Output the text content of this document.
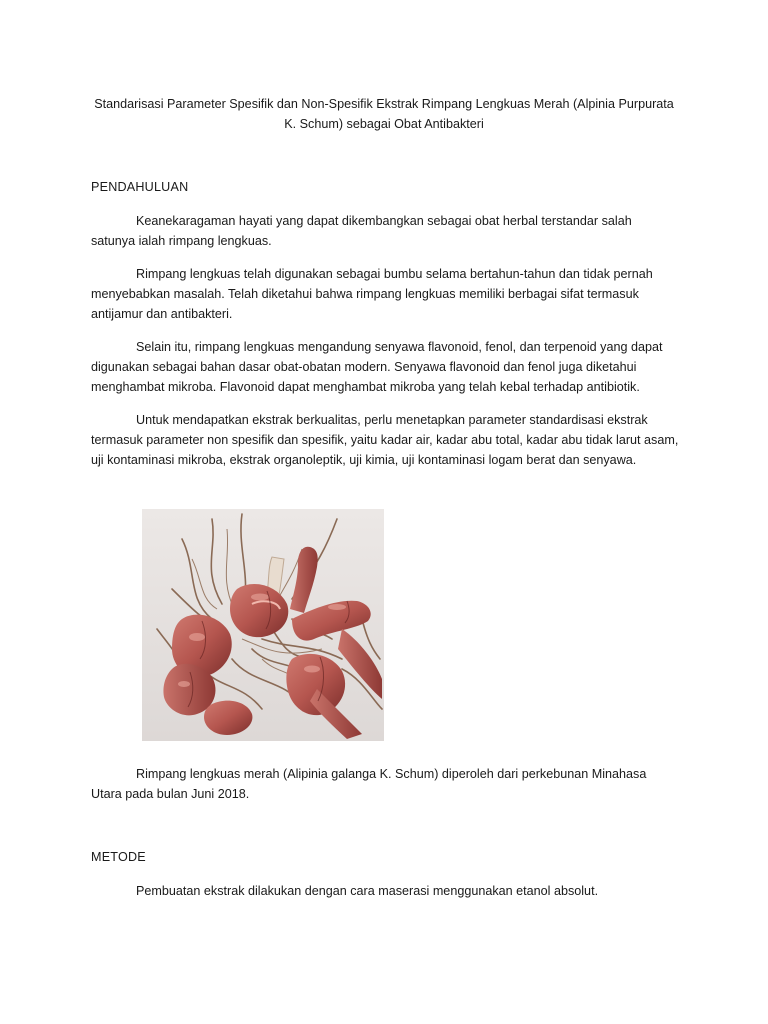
Standarisasi Parameter Spesifik dan Non-Spesifik Ekstrak Rimpang Lengkuas Merah (Alpinia Purpurata K. Schum) sebagai Obat Antibakteri
PENDAHULUAN

Keanekaragaman hayati yang dapat dikembangkan sebagai obat herbal terstandar salah satunya ialah rimpang lengkuas.

Rimpang lengkuas telah digunakan sebagai bumbu selama bertahun-tahun dan tidak pernah menyebabkan masalah. Telah diketahui bahwa rimpang lengkuas memiliki berbagai sifat termasuk antijamur dan antibakteri.

Selain itu, rimpang lengkuas mengandung senyawa flavonoid, fenol, dan terpenoid yang dapat digunakan sebagai bahan dasar obat-obatan modern. Senyawa flavonoid dan fenol juga diketahui menghambat mikroba. Flavonoid dapat menghambat mikroba yang telah kebal terhadap antibiotik.

Untuk mendapatkan ekstrak berkualitas, perlu menetapkan parameter standardisasi ekstrak termasuk parameter non spesifik dan spesifik, yaitu kadar air, kadar abu total, kadar abu tidak larut asam, uji kontaminasi mikroba, ekstrak organoleptik, uji kimia, uji kontaminasi logam berat dan senyawa.

Rimpang lengkuas merah (Alipinia galanga K. Schum) diperoleh dari perkebunan Minahasa Utara pada bulan Juni 2018.

METODE

Pembuatan ekstrak dilakukan dengan cara maserasi menggunakan etanol absolut.
